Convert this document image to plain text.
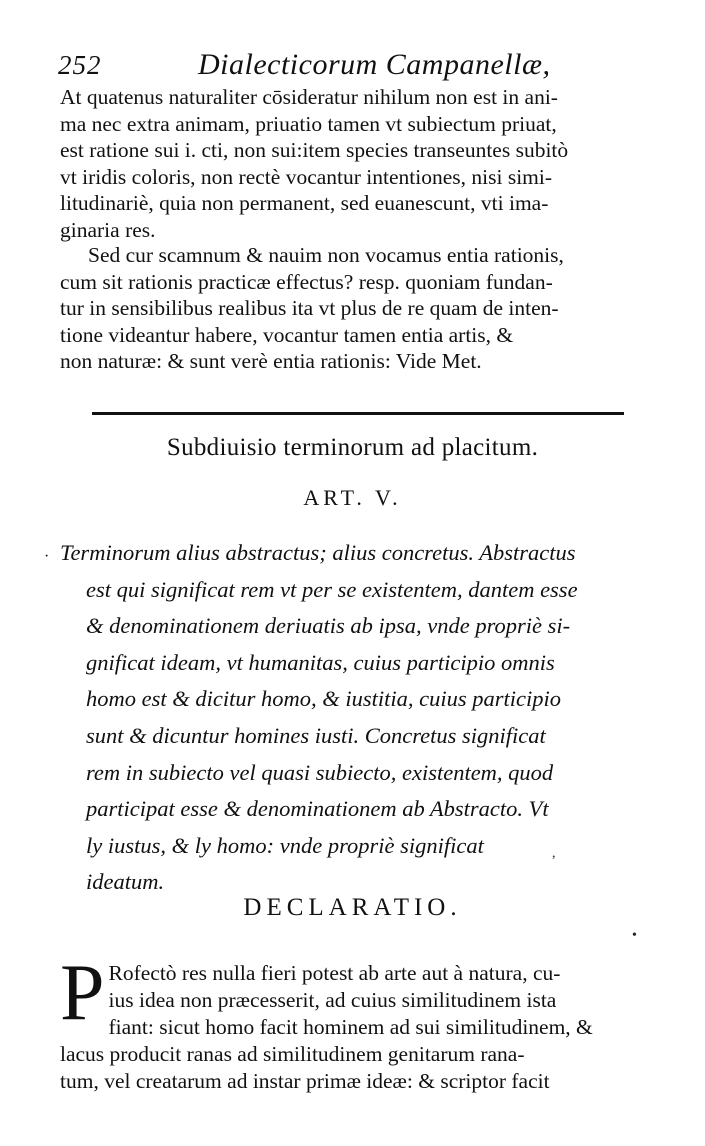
252	Dialecticorum Campanellæ,
At quatenus naturaliter cōsideratur nihilum non est in ani-
ma nec extra animam, priuatio tamen vt subiectum priuat,
est ratione sui i. cti, non sui:item species transeuntes subitò
vt iridis coloris, non rectè vocantur intentiones, nisi simi-
litudinariè, quia non permanent, sed euanescunt, vti ima-
ginaria res.
Sed cur scamnum & nauim non vocamus entia rationis,
cum sit rationis practicæ effectus? resp. quoniam fundan-
tur in sensibilibus realibus ita vt plus de re quam de inten-
tione videantur habere, vocantur tamen entia artis, &
non naturæ: & sunt verè entia rationis: Vide Met.
Subdiuisio terminorum ad placitum.
ART. V.
· Terminorum alius abstractus; alius concretus. Abstractus
est qui significat rem vt per se existentem, dantem esse
& denominationem deriuatis ab ipsa, vnde propriè si-
gnificat ideam, vt humanitas, cuius participio omnis
homo est & dicitur homo, & iustitia, cuius participio
sunt & dicuntur homines iusti. Concretus significat
rem in subiecto vel quasi subiecto, existentem, quod
participat esse & denominationem ab Abstracto. Vt
ly iustus, & ly homo: vnde propriè significat
ideatum.
DECLARATIO.
P Rofectò res nulla fieri potest ab arte aut à natura, cu-
ius idea non præcesserit, ad cuius similitudinem ista
fiant: sicut homo facit hominem ad sui similitudinem, &
lacus producit ranas ad similitudinem genitarum rana-
tum, vel creatarum ad instar primæ ideæ: & scriptor facit
,
•
